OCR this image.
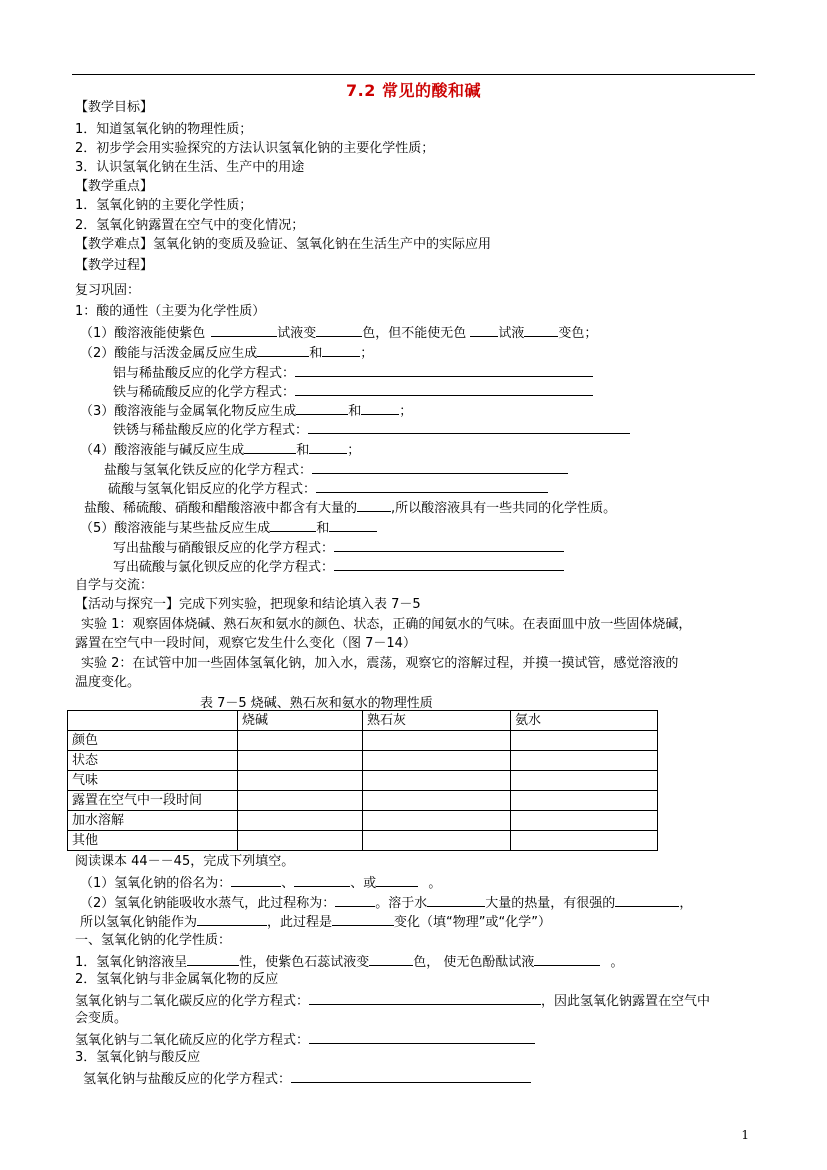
7.2 常见的酸和碱
【教学目标】
1．知道氢氧化钠的物理性质；
2．初步学会用实验探究的方法认识氢氧化钠的主要化学性质；
3．认识氢氧化钠在生活、生产中的用途
【教学重点】
1．氢氧化钠的主要化学性质；
2．氢氧化钠露置在空气中的变化情况；
【教学难点】氢氧化钠的变质及验证、氢氧化钠在生活生产中的实际应用
【教学过程】
复习巩固：
1：酸的通性（主要为化学性质）
（1）酸溶液能使紫色	试液变	色，但不能使无色 试液	变色；
（2）酸能与活泼金属反应生成	和	；
铝与稀盐酸反应的化学方程式：
铁与稀硫酸反应的化学方程式：
（3）酸溶液能与金属氧化物反应生成	和	；
铁锈与稀盐酸反应的化学方程式：
（4）酸溶液能与碱反应生成	和	；
盐酸与氢氧化铁反应的化学方程式：
硫酸与氢氧化铝反应的化学方程式：
盐酸、稀硫酸、硝酸和醋酸溶液中都含有大量的	,所以酸溶液具有一些共同的化学性质。
（5）酸溶液能与某些盐反应生成	和
写出盐酸与硝酸银反应的化学方程式：
写出硫酸与氯化钡反应的化学方程式：
自学与交流：
【活动与探究一】完成下列实验，把现象和结论填入表 7－5
实验 1：观察固体烧碱、熟石灰和氨水的颜色、状态，正确的闻氨水的气味。在表面皿中放一些固体烧碱，
露置在空气中一段时间，观察它发生什么变化（图 7－14）
实验 2：在试管中加一些固体氢氧化钠，加入水，震荡，观察它的溶解过程，并摸一摸试管，感觉溶液的
温度变化。
表 7－5 烧碱、熟石灰和氨水的物理性质
	烧碱	熟石灰	氨水
颜色			
状态			
气味			
露置在空气中一段时间			
加水溶解			
其他			
阅读课本 44－－45，完成下列填空。
（1）氢氧化钠的俗名为：	、	、或	。
（2）氢氧化钠能吸收水蒸气，此过程称为：	。溶于水	大量的热量，有很强的	，
所以氢氧化钠能作为	，此过程是	变化（填“物理”或“化学”）
一、氢氧化钠的化学性质：
1．氢氧化钠溶液呈	性，使紫色石蕊试液变	色， 使无色酚酞试液	。
2．氢氧化钠与非金属氧化物的反应
氢氧化钠与二氧化碳反应的化学方程式：	，因此氢氧化钠露置在空气中
会变质。
氢氧化钠与二氧化硫反应的化学方程式：
3．氢氧化钠与酸反应
氢氧化钠与盐酸反应的化学方程式：
1
